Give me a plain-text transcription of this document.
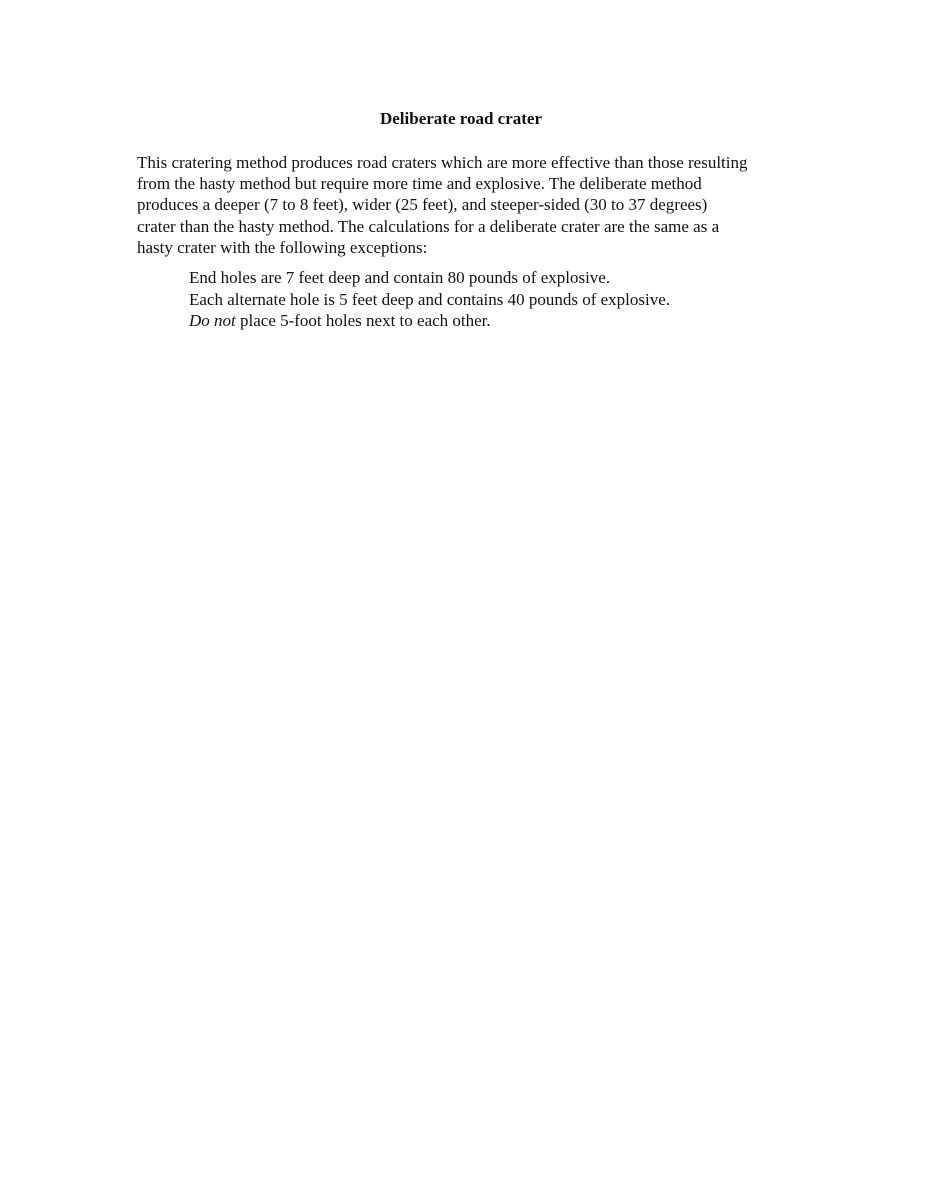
Deliberate road crater

This cratering method produces road craters which are more effective than those resulting
from the hasty method but require more time and explosive. The deliberate method
produces a deeper (7 to 8 feet), wider (25 feet), and steeper-sided (30 to 37 degrees)
crater than the hasty method. The calculations for a deliberate crater are the same as a
hasty crater with the following exceptions:

End holes are 7 feet deep and contain 80 pounds of explosive.
Each alternate hole is 5 feet deep and contains 40 pounds of explosive.
Do not place 5-foot holes next to each other.
